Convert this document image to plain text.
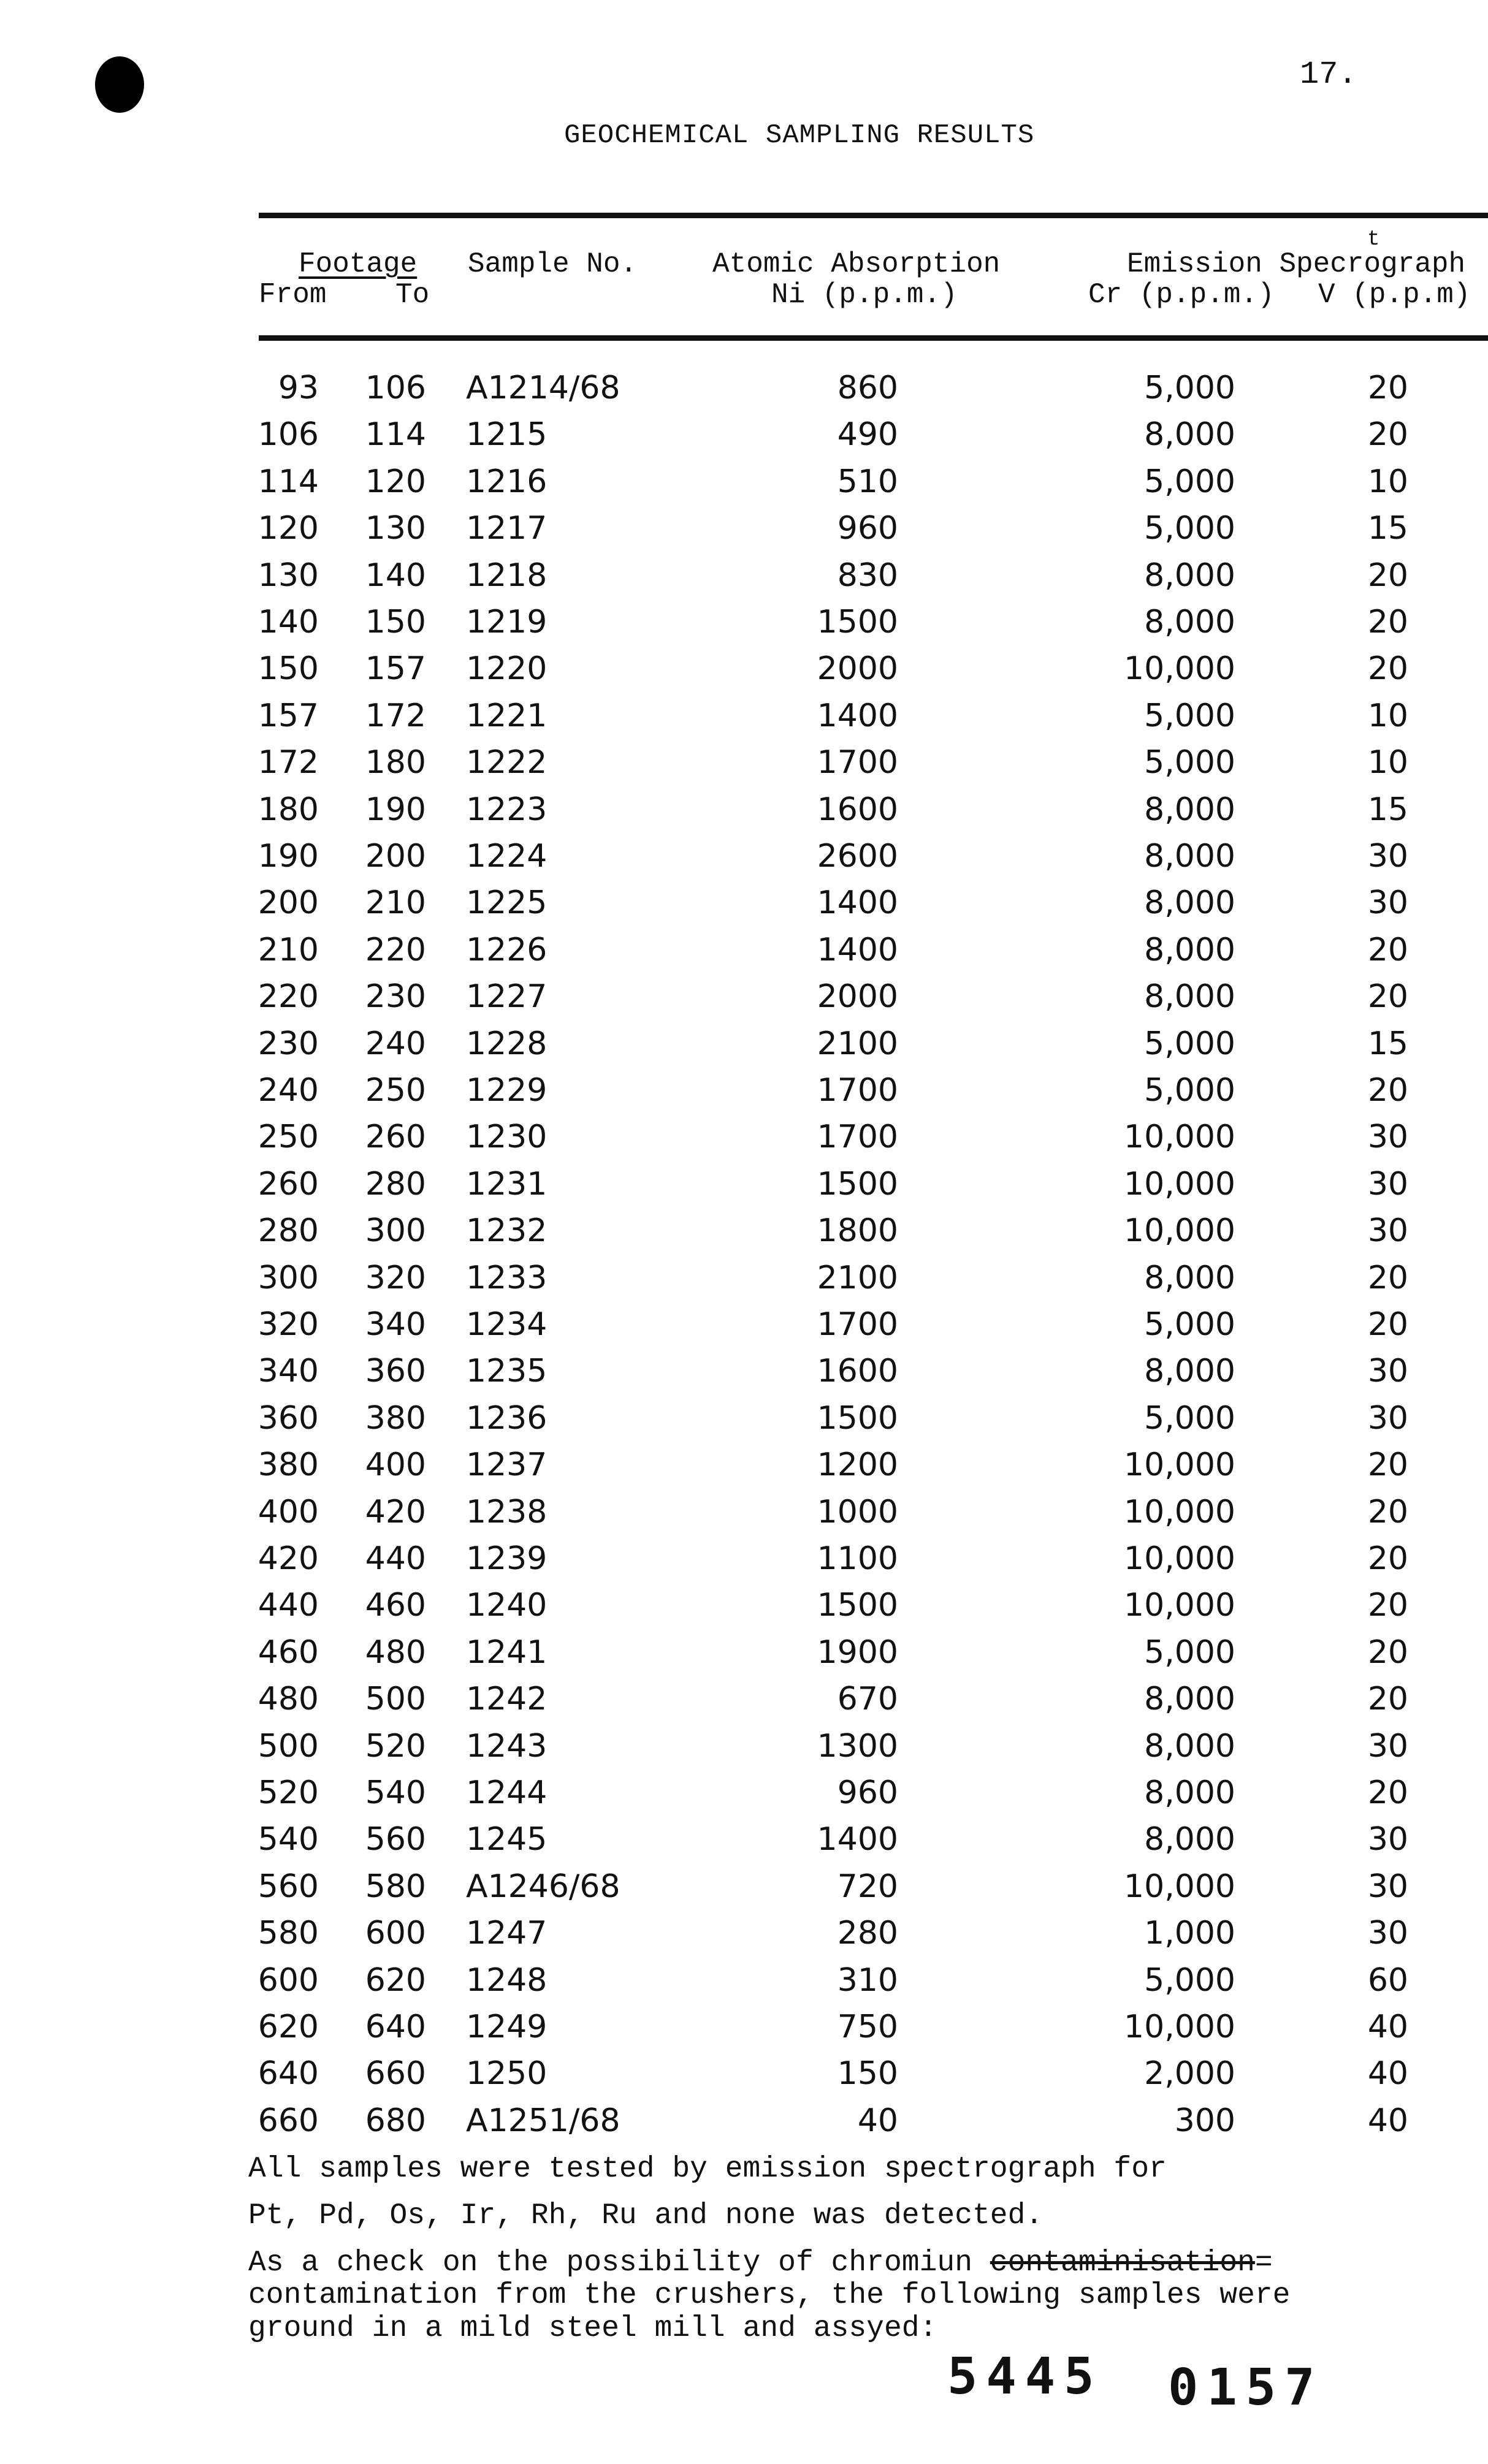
17.
GEOCHEMICAL SAMPLING RESULTS
Footage
From To
Sample No.	Atomic Absorption
Ni (p.p.m.)
Emission Specrograph
t
Cr (p.p.m.) V (p.p.m)
93 106 A1214/68	860	5,000	20
106 114 1215	490	8,000	20
114 120 1216	510	5,000	10
120 130 1217	960	5,000	15
130 140 1218	830	8,000	20
140 150 1219	1500	8,000	20
150 157 1220	2000	10,000	20
157 172 1221	1400	5,000	10
172 180 1222	1700	5,000	10
180 190 1223	1600	8,000	15
190 200 1224	2600	8,000	30
200 210 1225	1400	8,000	30
210 220 1226	1400	8,000	20
220 230 1227	2000	8,000	20
230 240 1228	2100	5,000	15
240 250 1229	1700	5,000	20
250 260 1230	1700	10,000	30
260 280 1231	1500	10,000	30
280 300 1232	1800	10,000	30
300 320 1233	2100	8,000	20
320 340 1234	1700	5,000	20
340 360 1235	1600	8,000	30
360 380 1236	1500	5,000	30
380 400 1237	1200	10,000	20
400 420 1238	1000	10,000	20
420 440 1239	1100	10,000	20
440 460 1240	1500	10,000	20
460 480 1241	1900	5,000	20
480 500 1242	670	8,000	20
500 520 1243	1300	8,000	30
520 540 1244	960	8,000	20
540 560 1245	1400	8,000	30
560 580 A1246/68	720	10,000	30
580 600 1247	280	1,000	30
600 620 1248	310	5,000	60
620 640 1249	750	10,000	40
640 660 1250	150	2,000	40
660 680 A1251/68	40	300	40
All samples were tested by emission spectrograph for
Pt, Pd, Os, Ir, Rh, Ru and none was detected.
As a check on the possibility of chromiun contaminisation=
contamination from the crushers, the following samples were
ground in a mild steel mill and assyed:
5445 0157
